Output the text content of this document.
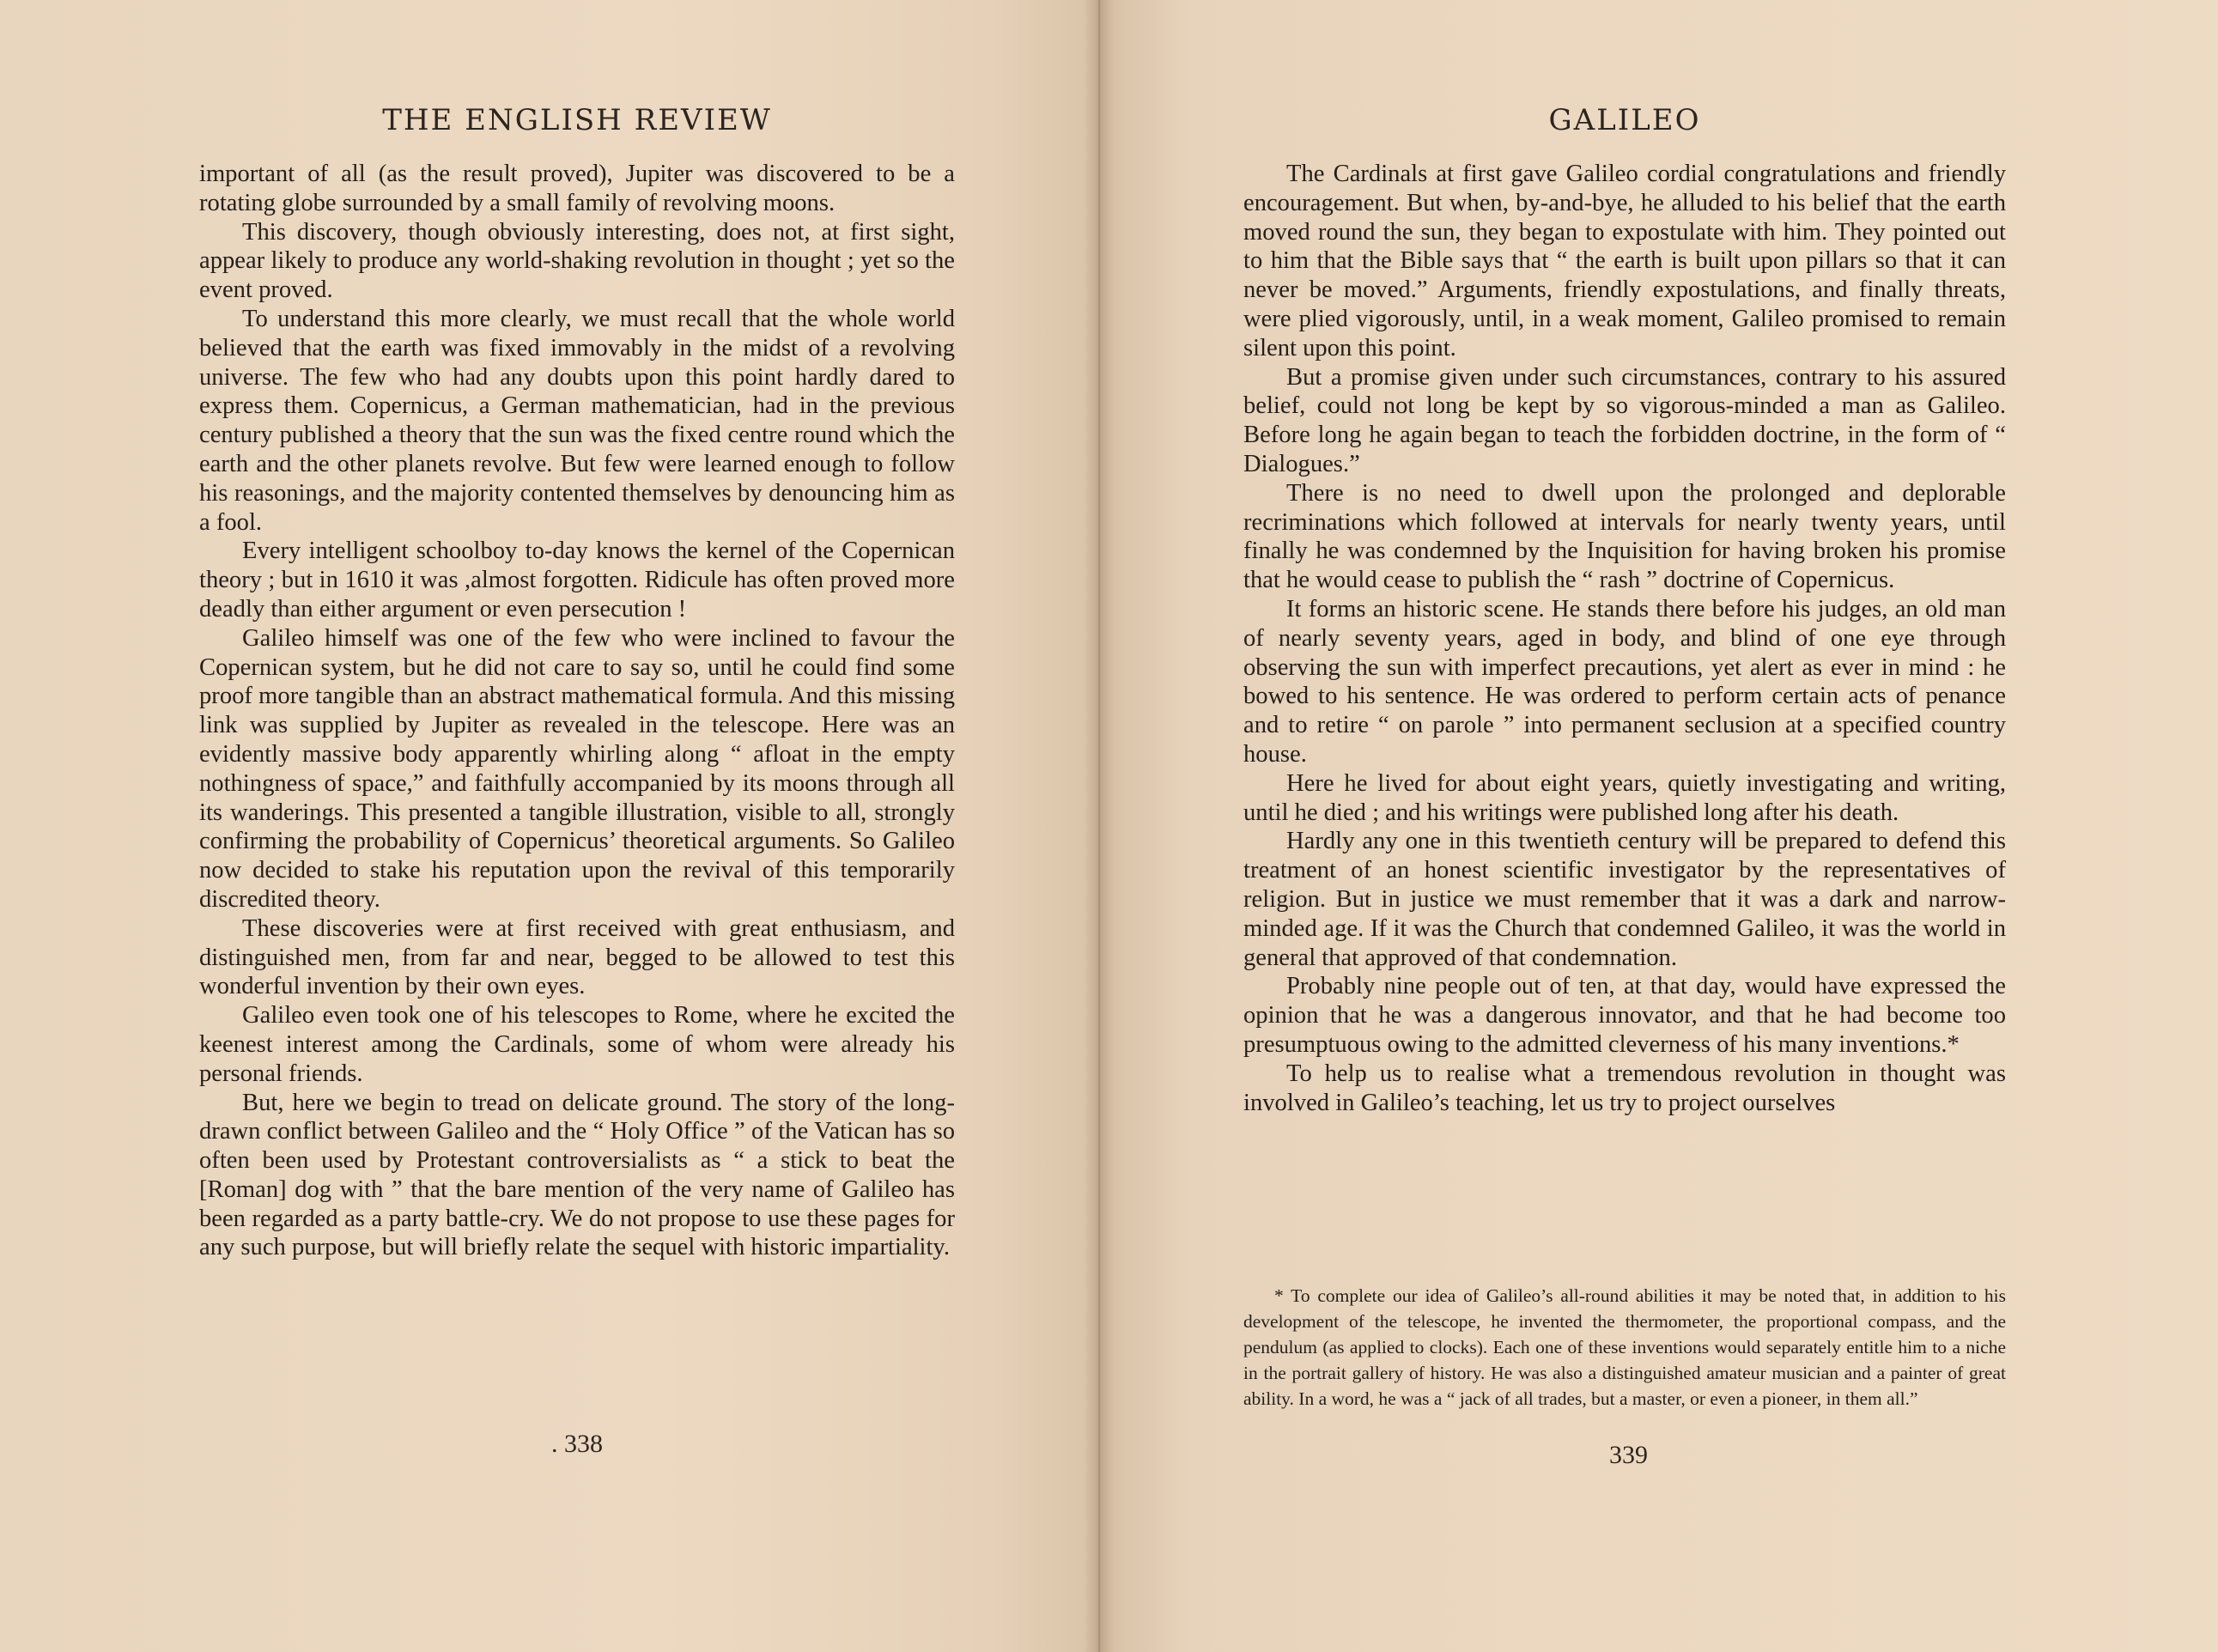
THE ENGLISH REVIEW

important of all (as the result proved), Jupiter was discovered to be a rotating globe surrounded by a small family of revolving moons.

This discovery, though obviously interesting, does not, at first sight, appear likely to produce any world-shaking revolution in thought ; yet so the event proved.

To understand this more clearly, we must recall that the whole world believed that the earth was fixed immovably in the midst of a revolving universe. The few who had any doubts upon this point hardly dared to express them. Copernicus, a German mathematician, had in the previous century published a theory that the sun was the fixed centre round which the earth and the other planets revolve. But few were learned enough to follow his reasonings, and the majority contented themselves by denouncing him as a fool.

Every intelligent schoolboy to-day knows the kernel of the Copernican theory ; but in 1610 it was ,almost forgotten. Ridicule has often proved more deadly than either argument or even persecution !

Galileo himself was one of the few who were inclined to favour the Copernican system, but he did not care to say so, until he could find some proof more tangible than an abstract mathematical formula. And this missing link was supplied by Jupiter as revealed in the telescope. Here was an evidently massive body apparently whirling along “ afloat in the empty nothingness of space,” and faithfully accompanied by its moons through all its wanderings. This presented a tangible illustration, visible to all, strongly confirming the probability of Copernicus’ theoretical arguments. So Galileo now decided to stake his reputation upon the revival of this temporarily discredited theory.

These discoveries were at first received with great enthusiasm, and distinguished men, from far and near, begged to be allowed to test this wonderful invention by their own eyes.

Galileo even took one of his telescopes to Rome, where he excited the keenest interest among the Cardinals, some of whom were already his personal friends.

But, here we begin to tread on delicate ground. The story of the long-drawn conflict between Galileo and the “ Holy Office ” of the Vatican has so often been used by Protestant controversialists as “ a stick to beat the [Roman] dog with ” that the bare mention of the very name of Galileo has been regarded as a party battle-cry. We do not propose to use these pages for any such purpose, but will briefly relate the sequel with historic impartiality.

. 338
GALILEO

The Cardinals at first gave Galileo cordial congratulations and friendly encouragement. But when, by-and-bye, he alluded to his belief that the earth moved round the sun, they began to expostulate with him. They pointed out to him that the Bible says that “ the earth is built upon pillars so that it can never be moved.” Arguments, friendly expostulations, and finally threats, were plied vigorously, until, in a weak moment, Galileo promised to remain silent upon this point.

But a promise given under such circumstances, contrary to his assured belief, could not long be kept by so vigorous-minded a man as Galileo. Before long he again began to teach the forbidden doctrine, in the form of “ Dialogues.”

There is no need to dwell upon the prolonged and deplorable recriminations which followed at intervals for nearly twenty years, until finally he was condemned by the Inquisition for having broken his promise that he would cease to publish the “ rash ” doctrine of Copernicus.

It forms an historic scene. He stands there before his judges, an old man of nearly seventy years, aged in body, and blind of one eye through observing the sun with imperfect precautions, yet alert as ever in mind : he bowed to his sentence. He was ordered to perform certain acts of penance and to retire “ on parole ” into permanent seclusion at a specified country house.

Here he lived for about eight years, quietly investigating and writing, until he died ; and his writings were published long after his death.

Hardly any one in this twentieth century will be prepared to defend this treatment of an honest scientific investigator by the representatives of religion. But in justice we must remember that it was a dark and narrow-minded age. If it was the Church that condemned Galileo, it was the world in general that approved of that condemnation.

Probably nine people out of ten, at that day, would have expressed the opinion that he was a dangerous innovator, and that he had become too presumptuous owing to the admitted cleverness of his many inventions.*

To help us to realise what a tremendous revolution in thought was involved in Galileo’s teaching, let us try to project ourselves

* To complete our idea of Galileo’s all-round abilities it may be noted that, in addition to his development of the telescope, he invented the thermometer, the proportional compass, and the pendulum (as applied to clocks). Each one of these inventions would separately entitle him to a niche in the portrait gallery of history. He was also a distinguished amateur musician and a painter of great ability. In a word, he was a “ jack of all trades, but a master, or even a pioneer, in them all.”
339
